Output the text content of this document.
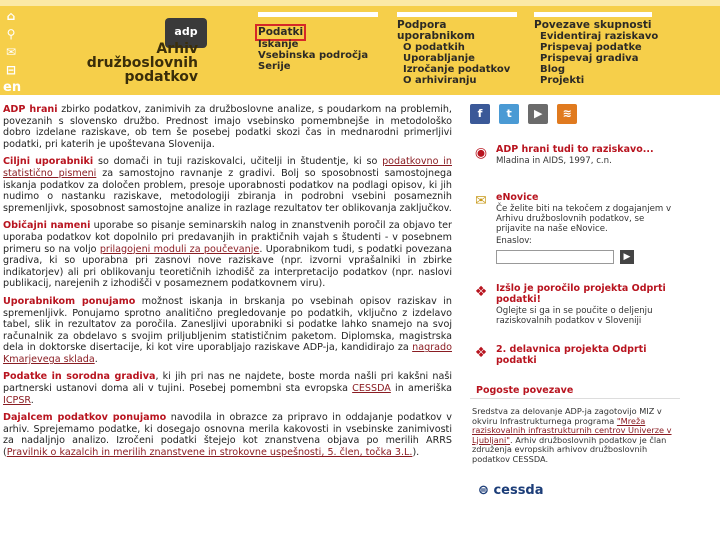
⌂
⚲
✉
⊟
en
adp
Arhiv
družboslovnih
podatkov
Podatki
Iskanje
Vsebinska področja
Serije
Podpora uporabnikom
O podatkih
Uporabljanje
Izročanje podatkov
O arhiviranju
Povezave skupnosti
Evidentiraj raziskavo
Prispevaj podatke
Prispevaj gradiva
Blog
Projekti

ADP hrani zbirko podatkov, zanimivih za družboslovne analize, s poudarkom na problemih, povezanih s slovensko družbo. Prednost imajo vsebinsko pomembnejše in metodološko dobro izdelane raziskave, ob tem še posebej podatki skozi čas in mednarodni primerljivi podatki, pri katerih je upoštevana Slovenija.

Ciljni uporabniki so domači in tuji raziskovalci, učitelji in študentje, ki so podatkovno in statistično pismeni za samostojno ravnanje z gradivi. Bolj so sposobnosti samostojnega iskanja podatkov za določen problem, presoje uporabnosti podatkov na podlagi opisov, ki jih nudimo o nastanku raziskave, metodologiji zbiranja in podrobni vsebini posameznih spremenljivk, sposobnost samostojne analize in razlage rezultatov ter oblikovanja zaključkov.

Običajni nameni uporabe so pisanje seminarskih nalog in znanstvenih poročil za objavo ter uporaba podatkov kot dopolnilo pri predavanjih in praktičnih vajah s študenti - v posebnem primeru so na voljo prilagojeni moduli za poučevanje. Uporabnikom tudi, s podatki povezana gradiva, ki so uporabna pri zasnovi nove raziskave (npr. izvorni vprašalniki in zbirke indikatorjev) ali pri oblikovanju teoretičnih izhodišč za interpretacijo podatkov (npr. naslovi publikacij, narejenih z izhodišči v posameznem podatkovnem viru).

Uporabnikom ponujamo možnost iskanja in brskanja po vsebinah opisov raziskav in spremenljivk. Ponujamo sprotno analitično pregledovanje po podatkih, vključno z izdelavo tabel, slik in rezultatov za poročila. Zanesljivi uporabniki si podatke lahko snamejo na svoj računalnik za obdelavo s svojim priljubljenim statističnim paketom. Diplomska, magistrska dela in doktorske disertacije, ki kot vire uporabljajo raziskave ADP-ja, kandidirajo za nagrado Kmarjevega sklada.

Podatke in sorodna gradiva, ki jih pri nas ne najdete, boste morda našli pri kakšni naši partnerski ustanovi doma ali v tujini. Posebej pomembni sta evropska CESSDA in ameriška ICPSR.

Dajalcem podatkov ponujamo navodila in obrazce za pripravo in oddajanje podatkov v arhiv. Sprejemamo podatke, ki dosegajo osnovna merila kakovosti in vsebinske zanimivosti za nadaljnjo analizo. Izročeni podatki štejejo kot znanstvena objava po merilih ARRS (Pravilnik o kazalcih in merilih znanstvene in strokovne uspešnosti, 5. člen, točka 3.L.).

f t ▶ ≋
◉ ADP hrani tudi to raziskavo...
Mladina in AIDS, 1997, c.n.
✉ eNovice
Če želite biti na tekočem z dogajanjem v Arhivu družboslovnih podatkov, se prijavite na naše eNovice.
Enaslov:
▶
❖ Izšlo je poročilo projekta Odprti podatki!
Oglejte si ga in se poučite o deljenju raziskovalnih podatkov v Sloveniji
❖ 2. delavnica projekta Odprti podatki
Pogoste povezave
Sredstva za delovanje ADP-ja zagotovijo MIZ v okviru Infrastrukturnega programa "Mreža raziskovalnih infrastrukturnih centrov Univerze v Ljubljani". Arhiv družboslovnih podatkov je član združenja evropskih arhivov družboslovnih podatkov CESSDA.
⊜ cessda
